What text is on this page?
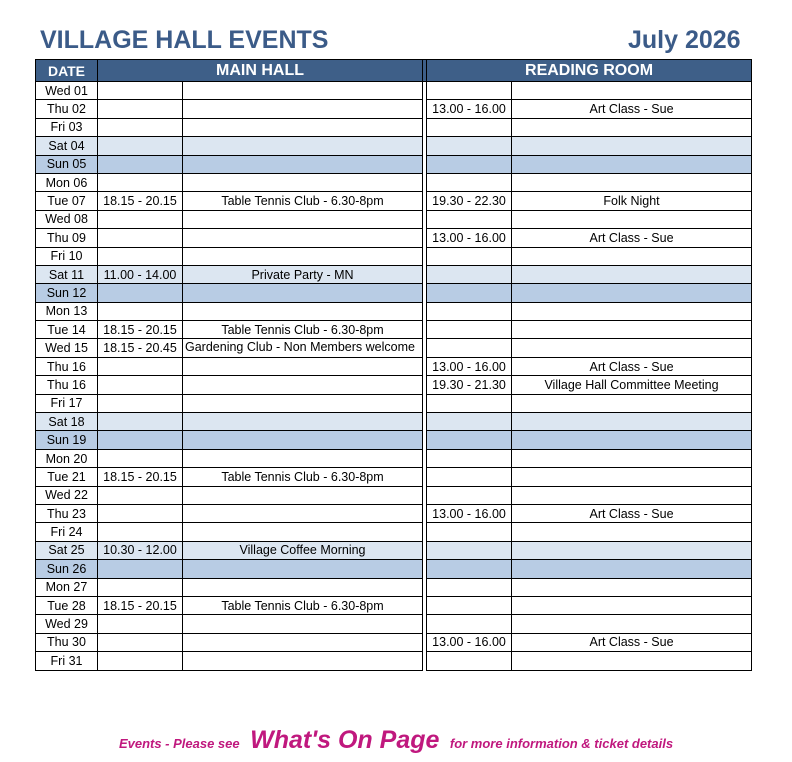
VILLAGE HALL EVENTS	July 2026
DATE	MAIN HALL			READING ROOM	
Wed 01					
Thu 02				13.00 - 16.00	Art Class - Sue
Fri 03					
Sat 04					
Sun 05					
Mon 06					
Tue 07	18.15 - 20.15	Table Tennis Club - 6.30-8pm		19.30 - 22.30	Folk Night
Wed 08					
Thu 09				13.00 - 16.00	Art Class - Sue
Fri 10					
Sat 11	11.00 - 14.00	Private Party - MN			
Sun 12					
Mon 13					
Tue 14	18.15 - 20.15	Table Tennis Club - 6.30-8pm			
Wed 15	18.15 - 20.45	Gardening Club - Non Members welcome			

Thu 16				13.00 - 16.00	Art Class - Sue
Thu 16				19.30 - 21.30	Village Hall Committee Meeting
Fri 17					
Sat 18					
Sun 19					
Mon 20					
Tue 21	18.15 - 20.15	Table Tennis Club - 6.30-8pm			
Wed 22					
Thu 23				13.00 - 16.00	Art Class - Sue
Fri 24					
Sat 25	10.30 - 12.00	Village Coffee Morning			
Sun 26					
Mon 27					
Tue 28	18.15 - 20.15	Table Tennis Club - 6.30-8pm			
Wed 29					
Thu 30				13.00 - 16.00	Art Class - Sue
Fri 31					
Events - Please see What's On Page for more information & ticket details
